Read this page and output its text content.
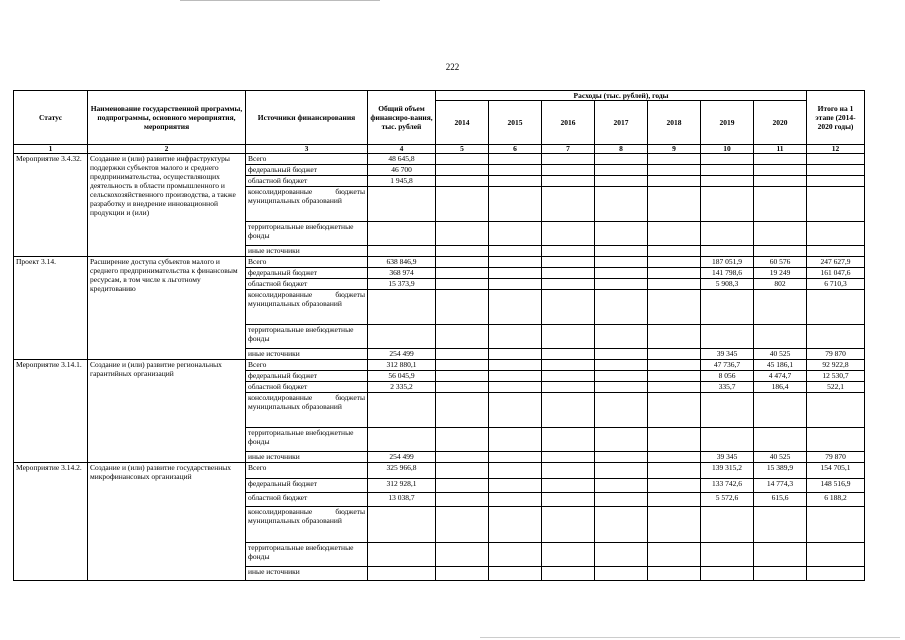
222
Статус	Наименование государственной программы, подпрограммы, основного мероприятия, мероприятия	Источники финансирования	Общий объем финансиро-вания, тыс. рублей	Расходы (тыс. рублей), годы							Итого на 1 этапе (2014-2020 годы)
				2014	2015	2016	2017	2018	2019	2020	
1	2	3	4	5	6	7	8	9	10	11	12
Мероприятие 3.4.32.	Создание и (или) развитие инфраструктуры поддержки субъектов малого и среднего предпринимательства, осуществляющих деятельность в области промышленного и сельскохозяйственного производства, а также разработку и внедрение инновационной продукции и (или)	Всего	48 645,8								
		федеральный бюджет	46 700								
		областной бюджет	1 945,8								
		консолидированные бюджеты муниципальных образований									
		территориальные внебюджетные фонды									
		иные источники									
Проект 3.14.	Расширение доступа субъектов малого и среднего предпринимательства к финансовым ресурсам, в том числе к льготному кредитованию	Всего	638 846,9						187 051,9	60 576	247 627,9
		федеральный бюджет	368 974						141 798,6	19 249	161 047,6
		областной бюджет	15 373,9						5 908,3	802	6 710,3
		консолидированные бюджеты муниципальных образований									
		территориальные внебюджетные фонды									
		иные источники	254 499						39 345	40 525	79 870
Мероприятие 3.14.1.	Создание и (или) развитие региональных гарантийных организаций	Всего	312 880,1						47 736,7	45 186,1	92 922,8
		федеральный бюджет	56 045,9						8 056	4 474,7	12 530,7
		областной бюджет	2 335,2						335,7	186,4	522,1
		консолидированные бюджеты муниципальных образований									
		территориальные внебюджетные фонды									
		иные источники	254 499						39 345	40 525	79 870
Мероприятие 3.14.2.	Создание и (или) развитие государственных микрофинансовых организаций	Всего	325 966,8						139 315,2	15 389,9	154 705,1
		федеральный бюджет	312 928,1						133 742,6	14 774,3	148 516,9
		областной бюджет	13 038,7						5 572,6	615,6	6 188,2
		консолидированные бюджеты муниципальных образований									
		территориальные внебюджетные фонды									
		иные источники									
